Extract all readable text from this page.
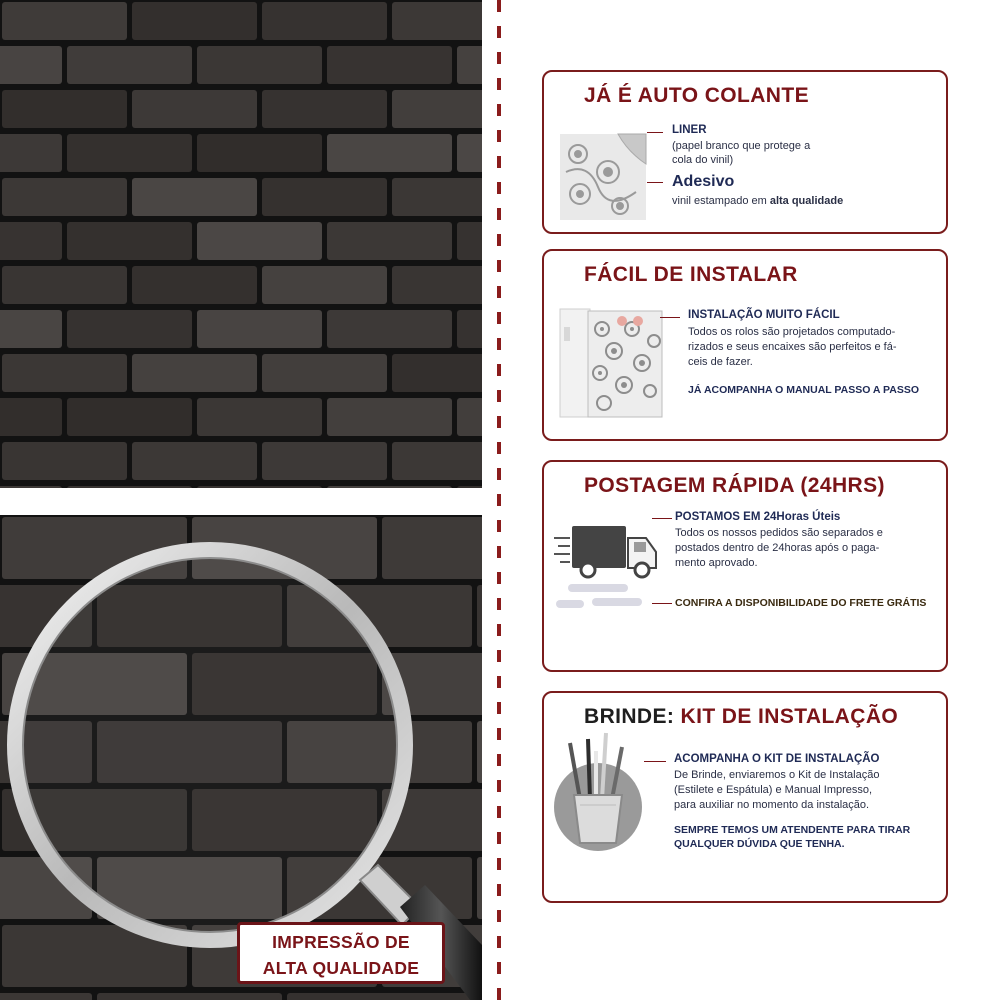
IMPRESSÃO DE
ALTA QUALIDADE
JÁ É AUTO COLANTE
LINER
(papel branco que protege a
cola do vinil)
Adesivo
vinil estampado em alta qualidade
FÁCIL DE INSTALAR
INSTALAÇÃO MUITO FÁCIL
Todos os rolos são projetados computado-
rizados e seus encaixes são perfeitos e fá-
ceis de fazer.
JÁ ACOMPANHA O MANUAL PASSO A PASSO
POSTAGEM RÁPIDA (24HRS)
POSTAMOS EM 24Horas Úteis
Todos os nossos pedidos são separados e
postados dentro de 24horas após o paga-
mento aprovado.
CONFIRA A DISPONIBILIDADE DO FRETE GRÁTIS
BRINDE: KIT DE INSTALAÇÃO
ACOMPANHA O KIT DE INSTALAÇÃO
De Brinde, enviaremos o Kit de Instalação
(Estilete e Espátula) e Manual Impresso,
para auxiliar no momento da instalação.
SEMPRE TEMOS UM ATENDENTE PARA TIRAR
QUALQUER DÚVIDA QUE TENHA.
